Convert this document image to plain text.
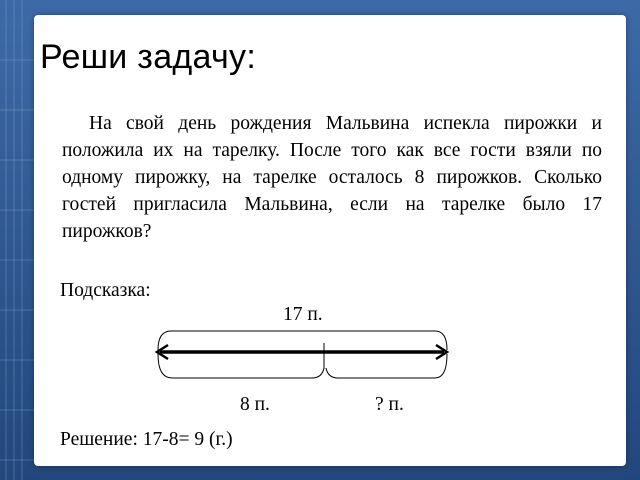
Реши задачу:

На свой день рождения Мальвина испекла пирожки и положила их на тарелку. После того как все гости взяли по одному пирожку, на тарелке осталось 8 пирожков. Сколько гостей пригласила Мальвина, если на тарелке было 17 пирожков?

Подсказка:
17 п.
8 п.	? п.
Решение: 17-8= 9 (г.)
